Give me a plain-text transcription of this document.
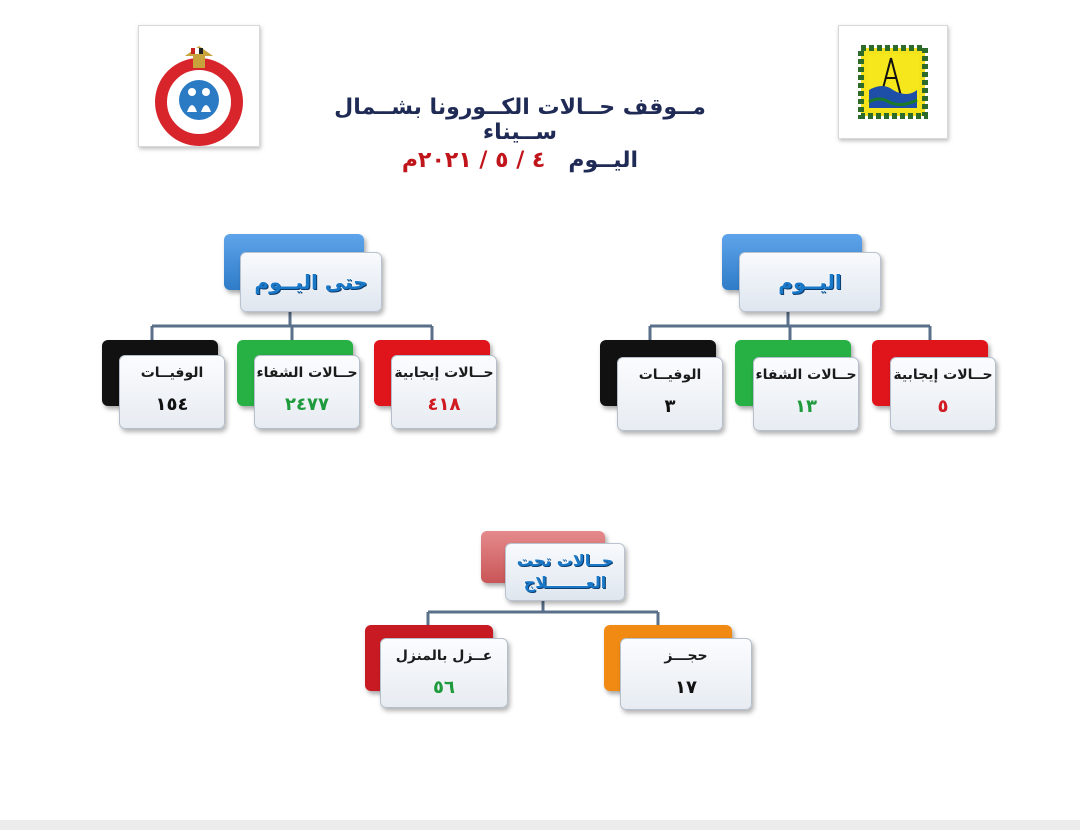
مــوقف حــالات الكــورونا بشــمال ســيناء
اليــوم   ٤ / ٥ / ٢٠٢١م
اليــوم
حــالات إيجابية
٥
حــالات الشفاء
١٣
الوفيــات
٣
حتى اليــوم
حــالات إيجابية
٤١٨
حــالات الشفاء
٢٤٧٧
الوفيــات
١٥٤
حــالات تحت
العـــــــلاج
حجـــز
١٧
عــزل بالمنزل
٥٦
